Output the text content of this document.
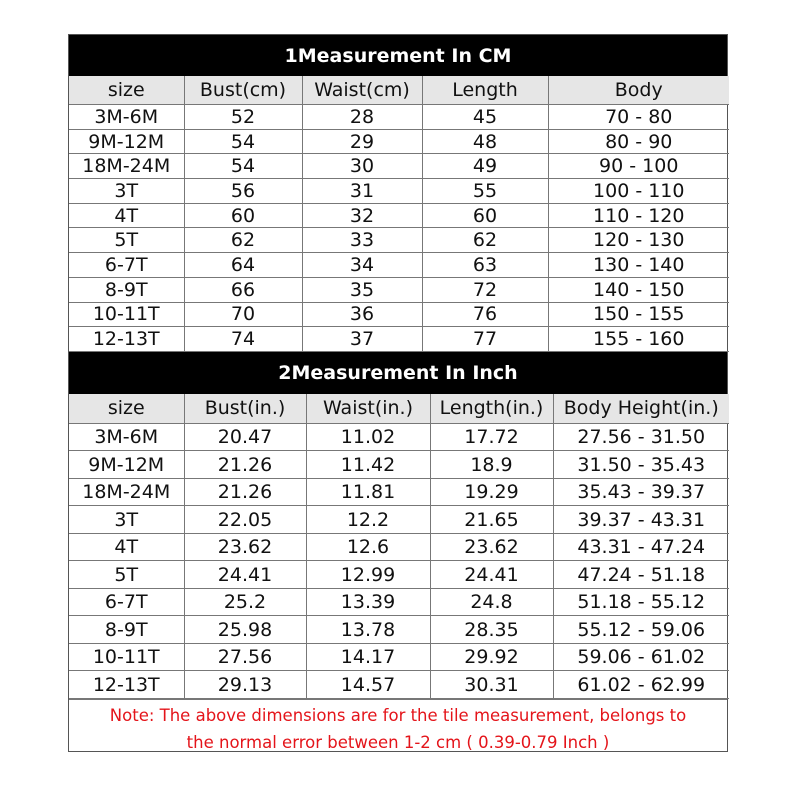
1Measurement In CM
size	Bust(cm)	Waist(cm)	Length	Body
3M-6M	52	28	45	70 - 80
9M-12M	54	29	48	80 - 90
18M-24M	54	30	49	90 - 100
3T	56	31	55	100 - 110
4T	60	32	60	110 - 120
5T	62	33	62	120 - 130
6-7T	64	34	63	130 - 140
8-9T	66	35	72	140 - 150
10-11T	70	36	76	150 - 155
12-13T	74	37	77	155 - 160
2Measurement In Inch
size	Bust(in.)	Waist(in.)	Length(in.)	Body Height(in.)
3M-6M	20.47	11.02	17.72	27.56 - 31.50
9M-12M	21.26	11.42	18.9	31.50 - 35.43
18M-24M	21.26	11.81	19.29	35.43 - 39.37
3T	22.05	12.2	21.65	39.37 - 43.31
4T	23.62	12.6	23.62	43.31 - 47.24
5T	24.41	12.99	24.41	47.24 - 51.18
6-7T	25.2	13.39	24.8	51.18 - 55.12
8-9T	25.98	13.78	28.35	55.12 - 59.06
10-11T	27.56	14.17	29.92	59.06 - 61.02
12-13T	29.13	14.57	30.31	61.02 - 62.99
Note: The above dimensions are for the tile measurement, belongs to
the normal error between 1-2 cm ( 0.39-0.79 Inch )
